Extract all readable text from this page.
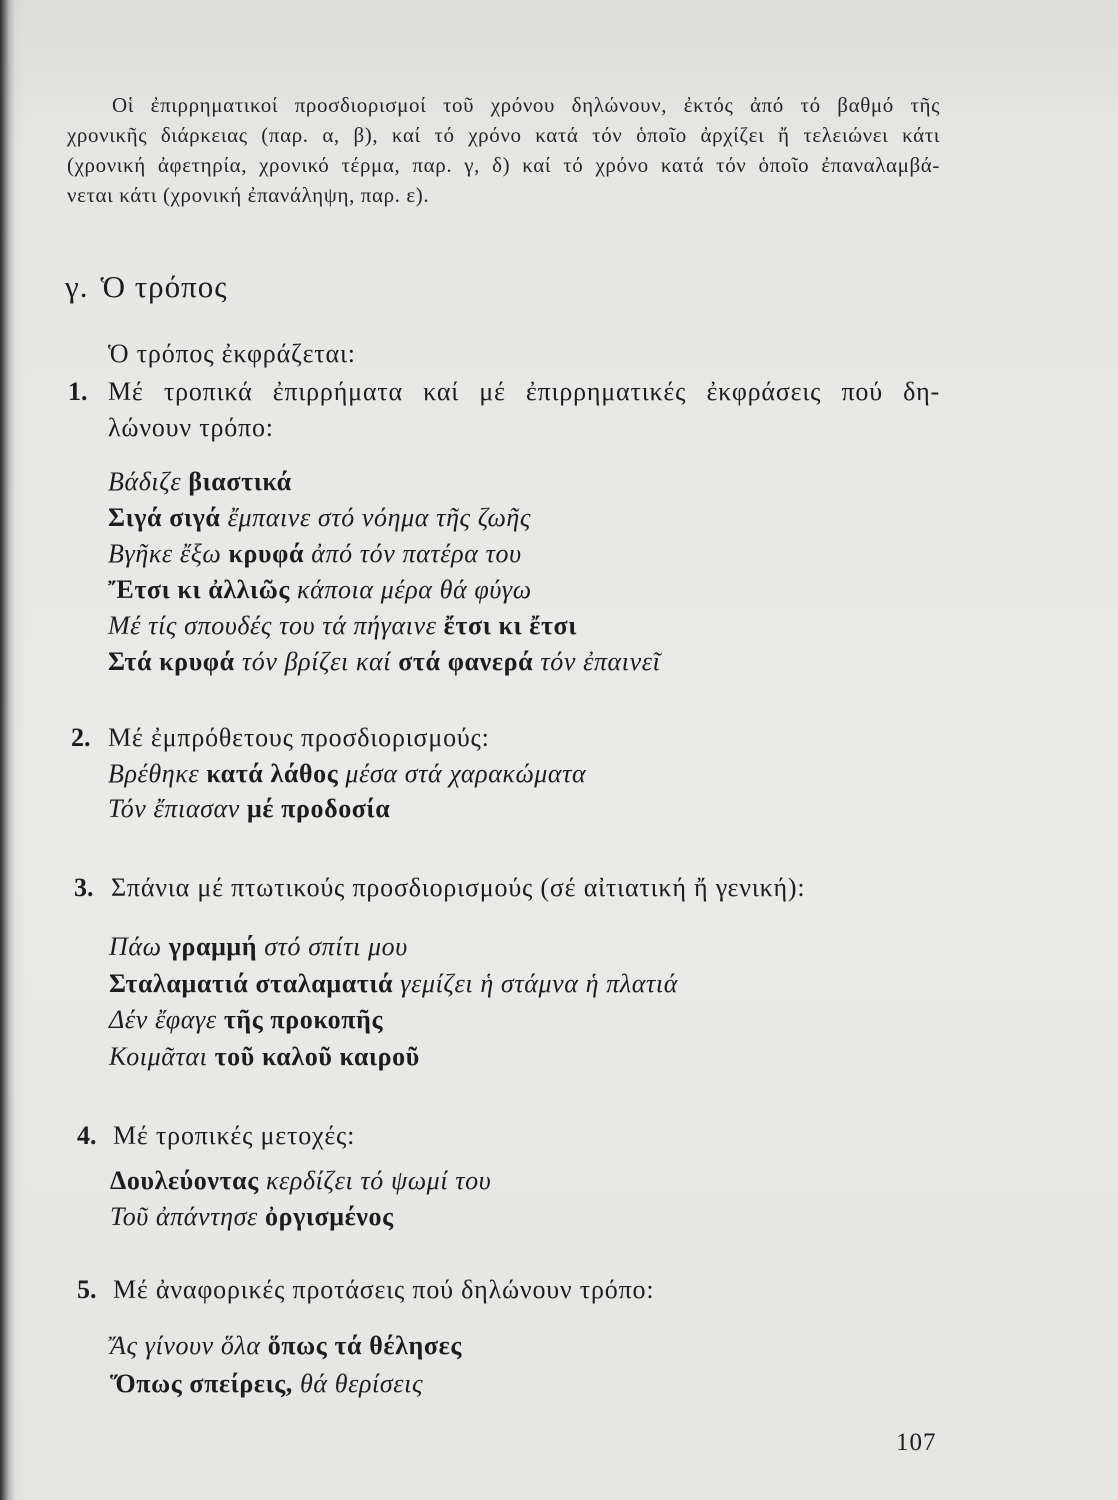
Οἱ ἐπιρρηματικοί προσδιορισμοί τοῦ χρόνου δηλώνουν, ἐκτός ἀπό τό βαθμό τῆς
χρονικῆς διάρκειας (παρ. α, β), καί τό χρόνο κατά τόν ὁποῖο ἀρχίζει ἤ τελειώνει κάτι
(χρονική ἀφετηρία, χρονικό τέρμα, παρ. γ, δ) καί τό χρόνο κατά τόν ὁποῖο ἐπαναλαμβά-
νεται κάτι (χρονική ἐπανάληψη, παρ. ε).
γ. Ὁ τρόπος
Ὁ τρόπος ἐκφράζεται:
1. Μέ τροπικά ἐπιρρήματα καί μέ ἐπιρρηματικές ἐκφράσεις πού δη-
λώνουν τρόπο:
Βάδιζε βιαστικά
Σιγά σιγά ἔμπαινε στό νόημα τῆς ζωῆς
Βγῆκε ἔξω κρυφά ἀπό τόν πατέρα του
Ἔτσι κι ἀλλιῶς κάποια μέρα θά φύγω
Μέ τίς σπουδές του τά πήγαινε ἔτσι κι ἔτσι
Στά κρυφά τόν βρίζει καί στά φανερά τόν ἐπαινεῖ
2. Μέ ἐμπρόθετους προσδιορισμούς:
Βρέθηκε κατά λάθος μέσα στά χαρακώματα
Τόν ἔπιασαν μέ προδοσία
3. Σπάνια μέ πτωτικούς προσδιορισμούς (σέ αἰτιατική ἤ γενική):
Πάω γραμμή στό σπίτι μου
Σταλαματιά σταλαματιά γεμίζει ἡ στάμνα ἡ πλατιά
Δέν ἔφαγε τῆς προκοπῆς
Κοιμᾶται τοῦ καλοῦ καιροῦ
4. Μέ τροπικές μετοχές:
Δουλεύοντας κερδίζει τό ψωμί του
Τοῦ ἀπάντησε ὀργισμένος
5. Μέ ἀναφορικές προτάσεις πού δηλώνουν τρόπο:
Ἄς γίνουν ὅλα ὅπως τά θέλησες
Ὅπως σπείρεις, θά θερίσεις
107
